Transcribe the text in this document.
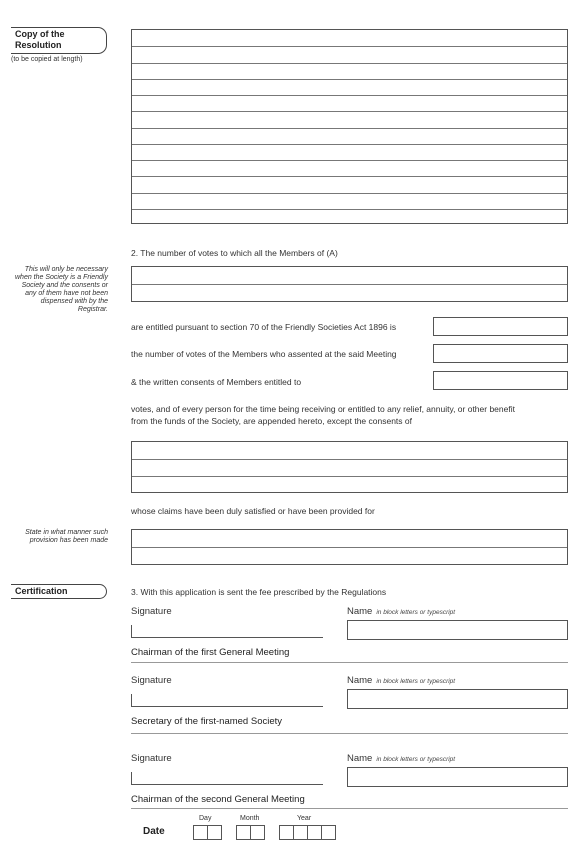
Copy of the Resolution
(to be copied at length)
2. The number of votes to which all the Members of (A)
This will only be necessary when the Society is a Friendly Society and the consents or any of them have not been dispensed with by the Registrar.
are entitled pursuant to section 70 of the Friendly Societies Act 1896 is
the number of votes of the Members who assented at the said Meeting
& the written consents of Members entitled to
votes, and of every person for the time being receiving or entitled to any relief, annuity, or other benefit
from the funds of the Society, are appended hereto, except the consents of
whose claims have been duly satisfied or have been provided for
State in what manner such provision has been made
Certification	3. With this application is sent the fee prescribed by the Regulations
Signature	Name in block letters or typescript
Chairman of the first General Meeting
Signature	Name in block letters or typescript
Secretary of the first-named Society
Signature	Name in block letters or typescript
Chairman of the second General Meeting
Date
Day	Month	Year
